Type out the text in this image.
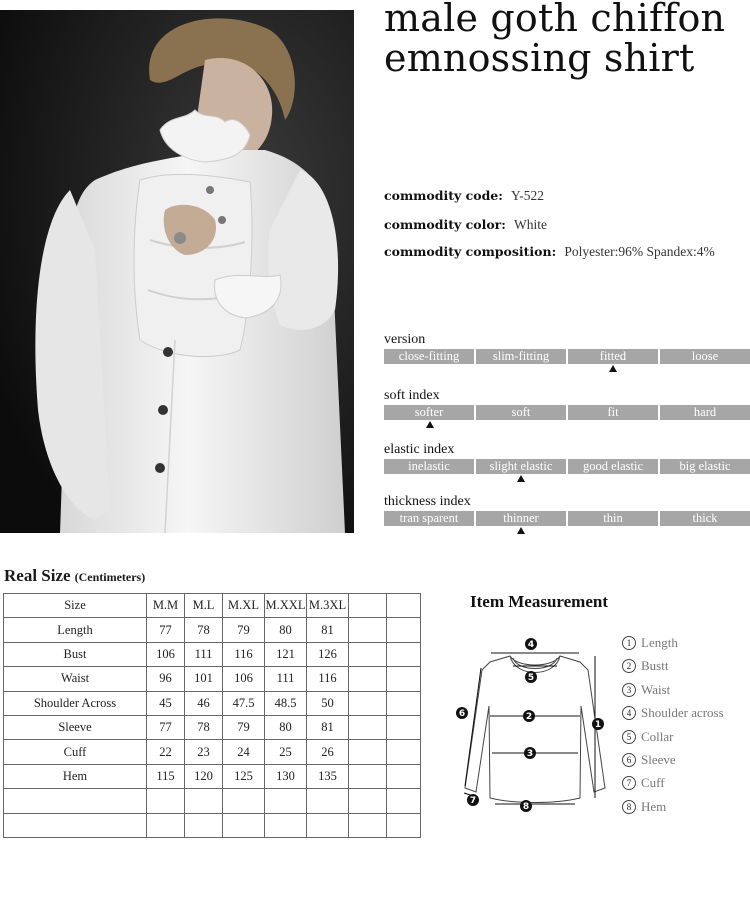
male goth chiffon
emnossing shirt
commodity code: Y-522
commodity color: White
commodity composition: Polyester:96% Spandex:4%
version
close-fitting	slim-fitting	fitted	loose
soft index
softer	soft	fit	hard
elastic index
inelastic	slight elastic	good elastic	big elastic
thickness index
tran sparent	thinner	thin	thick
Real Size (Centimeters)
Size	M.M	M.L	M.XL	M.XXL	M.3XL		
Length	77	78	79	80	81		
Bust	106	111	116	121	126		
Waist	96	101	106	111	116		
Shoulder Across	45	46	47.5	48.5	50		
Sleeve	77	78	79	80	81		
Cuff	22	23	24	25	26		
Hem	115	120	125	130	135		

Item Measurement
4
5
2
3
1
6
7
8
1 Length
2 Bustt
3 Waist
4 Shoulder across
5 Collar
6 Sleeve
7 Cuff
8 Hem
